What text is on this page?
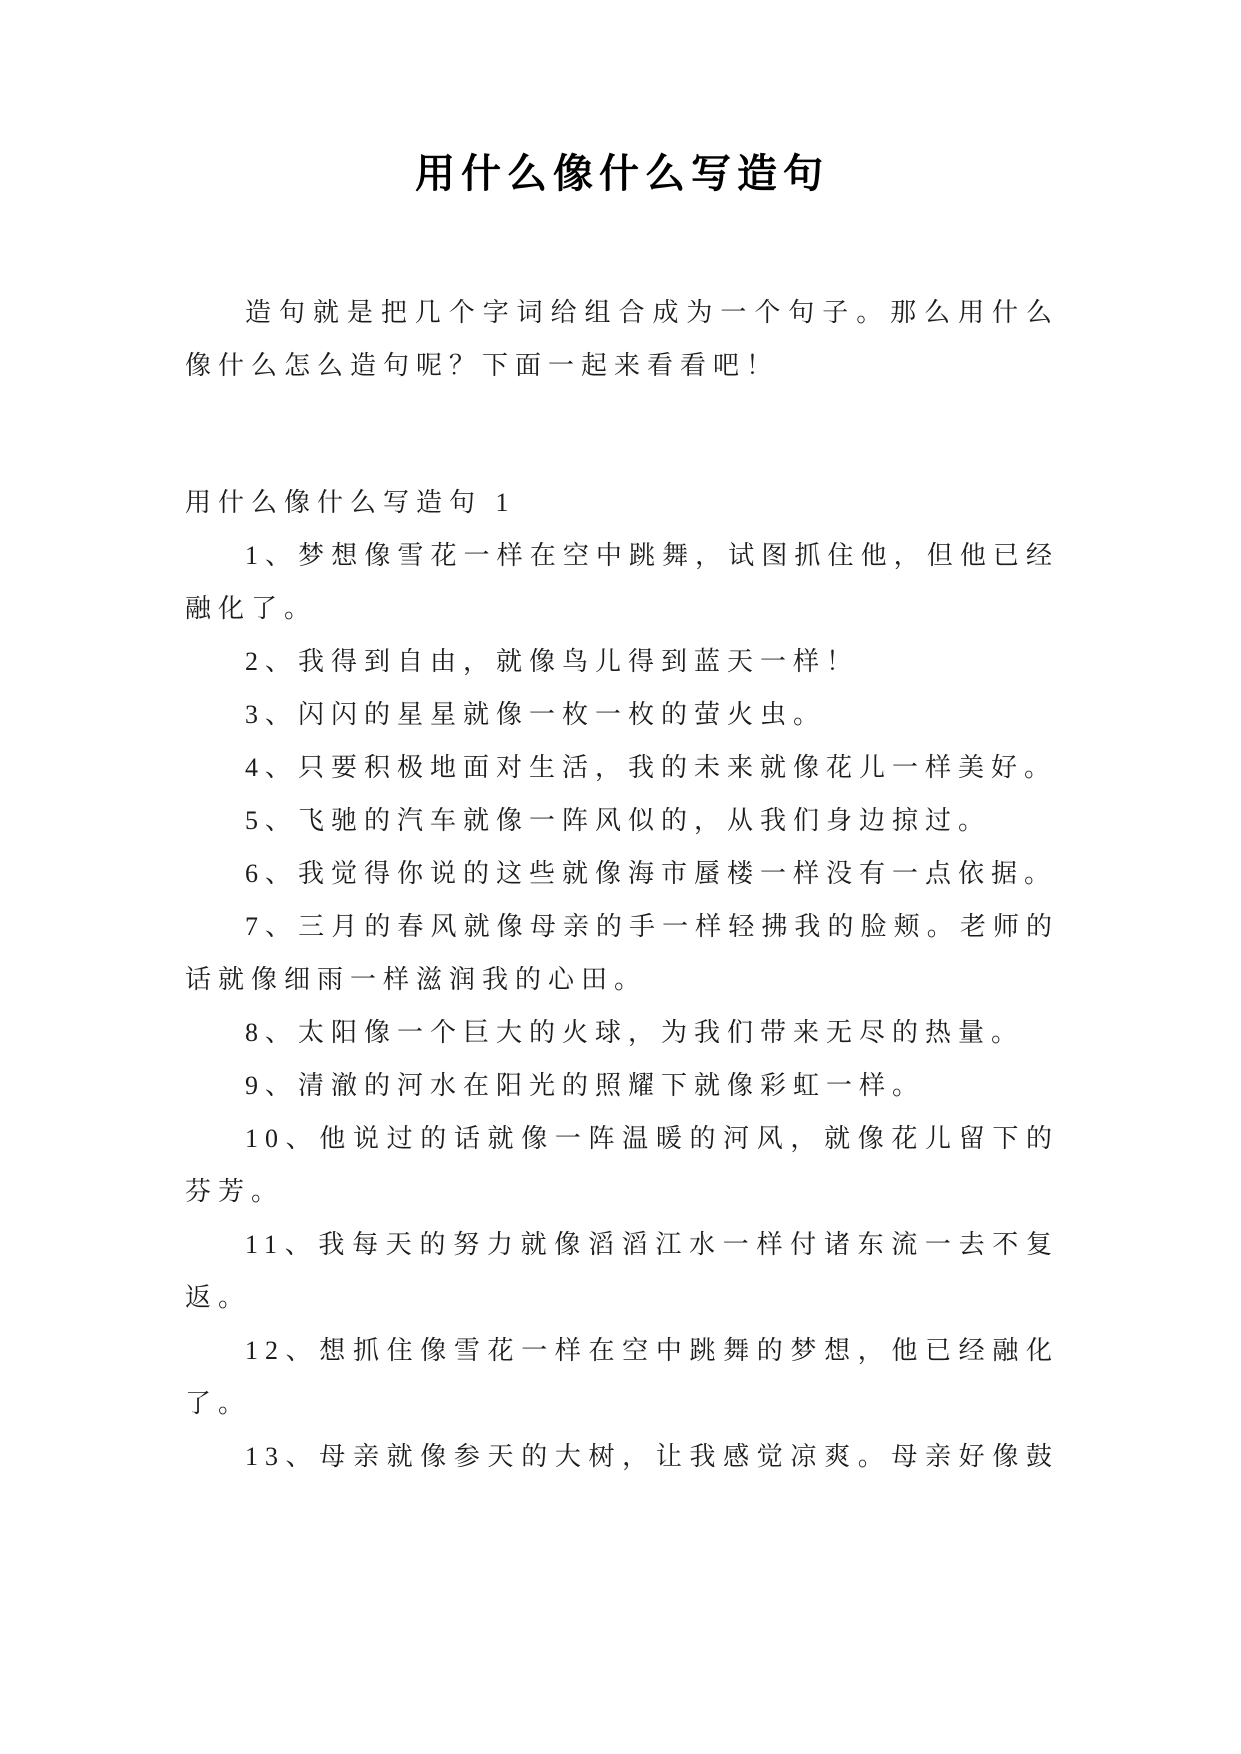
用什么像什么写造句

造句就是把几个字词给组合成为一个句子。那么用什么像什么怎么造句呢？下面一起来看看吧！

用什么像什么写造句 1

1、梦想像雪花一样在空中跳舞，试图抓住他，但他已经融化了。

2、我得到自由，就像鸟儿得到蓝天一样！

3、闪闪的星星就像一枚一枚的萤火虫。

4、只要积极地面对生活，我的未来就像花儿一样美好。

5、飞驰的汽车就像一阵风似的，从我们身边掠过。

6、我觉得你说的这些就像海市蜃楼一样没有一点依据。

7、三月的春风就像母亲的手一样轻拂我的脸颊。老师的话就像细雨一样滋润我的心田。

8、太阳像一个巨大的火球，为我们带来无尽的热量。

9、清澈的河水在阳光的照耀下就像彩虹一样。

10、他说过的话就像一阵温暖的河风，就像花儿留下的芬芳。

11、我每天的努力就像滔滔江水一样付诸东流一去不复返。

12、想抓住像雪花一样在空中跳舞的梦想，他已经融化了。

13、母亲就像参天的大树，让我感觉凉爽。母亲好像鼓
